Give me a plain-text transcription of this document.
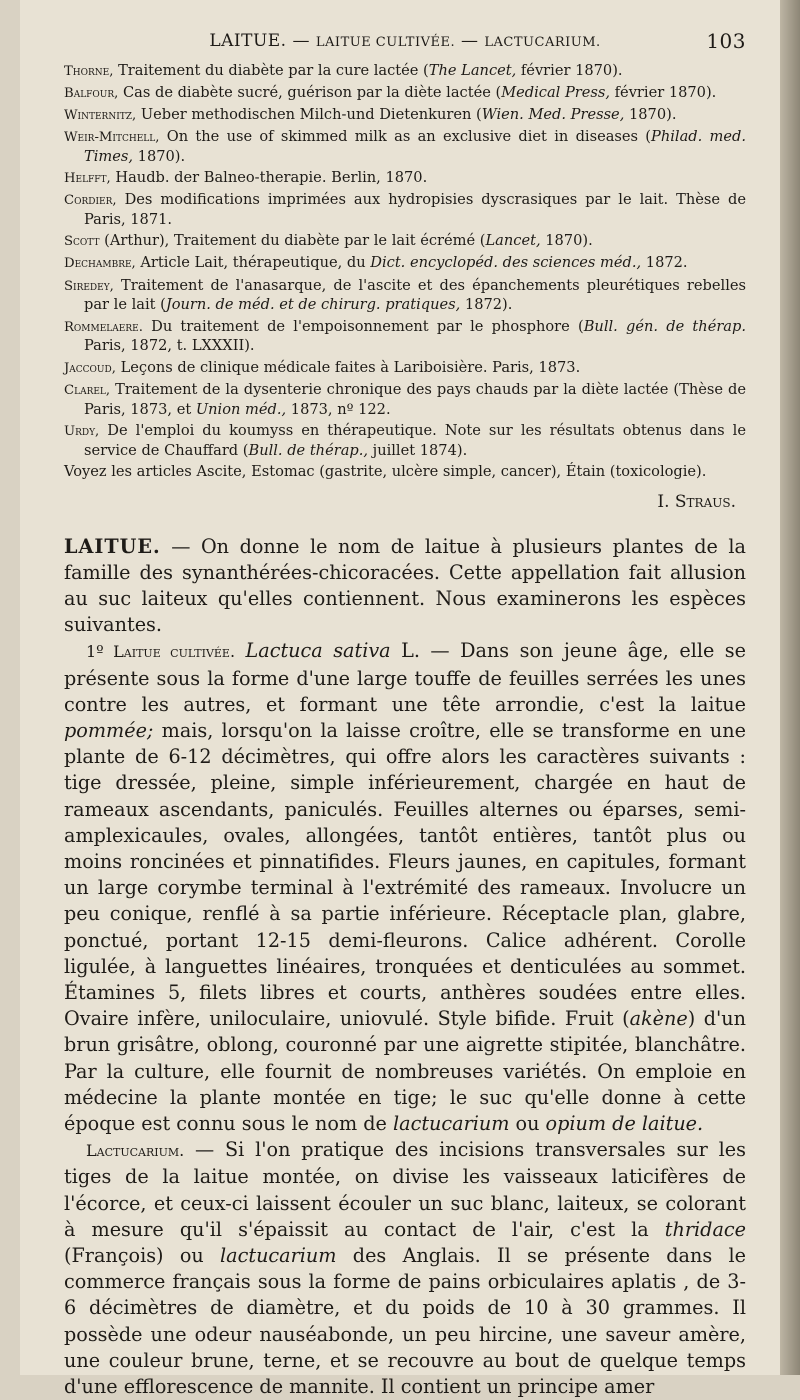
LAITUE. — LAITUE CULTIVÉE. — LACTUCARIUM.	103

Thorne, Traitement du diabète par la cure lactée (The Lancet, février 1870).

Balfour, Cas de diabète sucré, guérison par la diète lactée (Medical Press, février 1870).

Winternitz, Ueber methodischen Milch-und Dietenkuren (Wien. Med. Presse, 1870).

Weir-Mitchell, On the use of skimmed milk as an exclusive diet in diseases (Philad. med. Times, 1870).

Helfft, Haudb. der Balneo-therapie. Berlin, 1870.

Cordier, Des modifications imprimées aux hydropisies dyscrasiques par le lait. Thèse de Paris, 1871.

Scott (Arthur), Traitement du diabète par le lait écrémé (Lancet, 1870).

Dechambre, Article Lait, thérapeutique, du Dict. encyclopéd. des sciences méd., 1872.

Siredey, Traitement de l'anasarque, de l'ascite et des épanchements pleurétiques rebelles par le lait (Journ. de méd. et de chirurg. pratiques, 1872).

Rommelaere. Du traitement de l'empoisonnement par le phosphore (Bull. gén. de thérap. Paris, 1872, t. LXXXII).

Jaccoud, Leçons de clinique médicale faites à Lariboisière. Paris, 1873.

Clarel, Traitement de la dysenterie chronique des pays chauds par la diète lactée (Thèse de Paris, 1873, et Union méd., 1873, nº 122.

Urdy, De l'emploi du koumyss en thérapeutique. Note sur les résultats obtenus dans le service de Chauffard (Bull. de thérap., juillet 1874).

Voyez les articles Ascite, Estomac (gastrite, ulcère simple, cancer), Étain (toxicologie).

I. Straus.

LAITUE. — On donne le nom de laitue à plusieurs plantes de la famille des synanthérées-chicoracées. Cette appellation fait allusion au suc laiteux qu'elles contiennent. Nous examinerons les espèces suivantes.

1º Laitue cultivée. Lactuca sativa L. — Dans son jeune âge, elle se présente sous la forme d'une large touffe de feuilles serrées les unes contre les autres, et formant une tête arrondie, c'est la laitue pommée; mais, lorsqu'on la laisse croître, elle se transforme en une plante de 6-12 décimètres, qui offre alors les caractères suivants : tige dressée, pleine, simple inférieurement, chargée en haut de rameaux ascendants, paniculés. Feuilles alternes ou éparses, semi-amplexicaules, ovales, allongées, tantôt entières, tantôt plus ou moins roncinées et pinnatifides. Fleurs jaunes, en capitules, formant un large corymbe terminal à l'extrémité des rameaux. Involucre un peu conique, renflé à sa partie inférieure. Réceptacle plan, glabre, ponctué, portant 12-15 demi-fleurons. Calice adhérent. Corolle ligulée, à languettes linéaires, tronquées et denticulées au sommet. Étamines 5, filets libres et courts, anthères soudées entre elles. Ovaire infère, uniloculaire, uniovulé. Style bifide. Fruit (akène) d'un brun grisâtre, oblong, couronné par une aigrette stipitée, blanchâtre. Par la culture, elle fournit de nombreuses variétés. On emploie en médecine la plante montée en tige; le suc qu'elle donne à cette époque est connu sous le nom de lactucarium ou opium de laitue.

Lactucarium. — Si l'on pratique des incisions transversales sur les tiges de la laitue montée, on divise les vaisseaux laticifères de l'écorce, et ceux-ci laissent écouler un suc blanc, laiteux, se colorant à mesure qu'il s'épaissit au contact de l'air, c'est la thridace (François) ou lactucarium des Anglais. Il se présente dans le commerce français sous la forme de pains orbiculaires aplatis , de 3-6 décimètres de diamètre, et du poids de 10 à 30 grammes. Il possède une odeur nauséabonde, un peu hircine, une saveur amère, une couleur brune, terne, et se recouvre au bout de quelque temps d'une efflorescence de mannite. Il contient un principe amer
